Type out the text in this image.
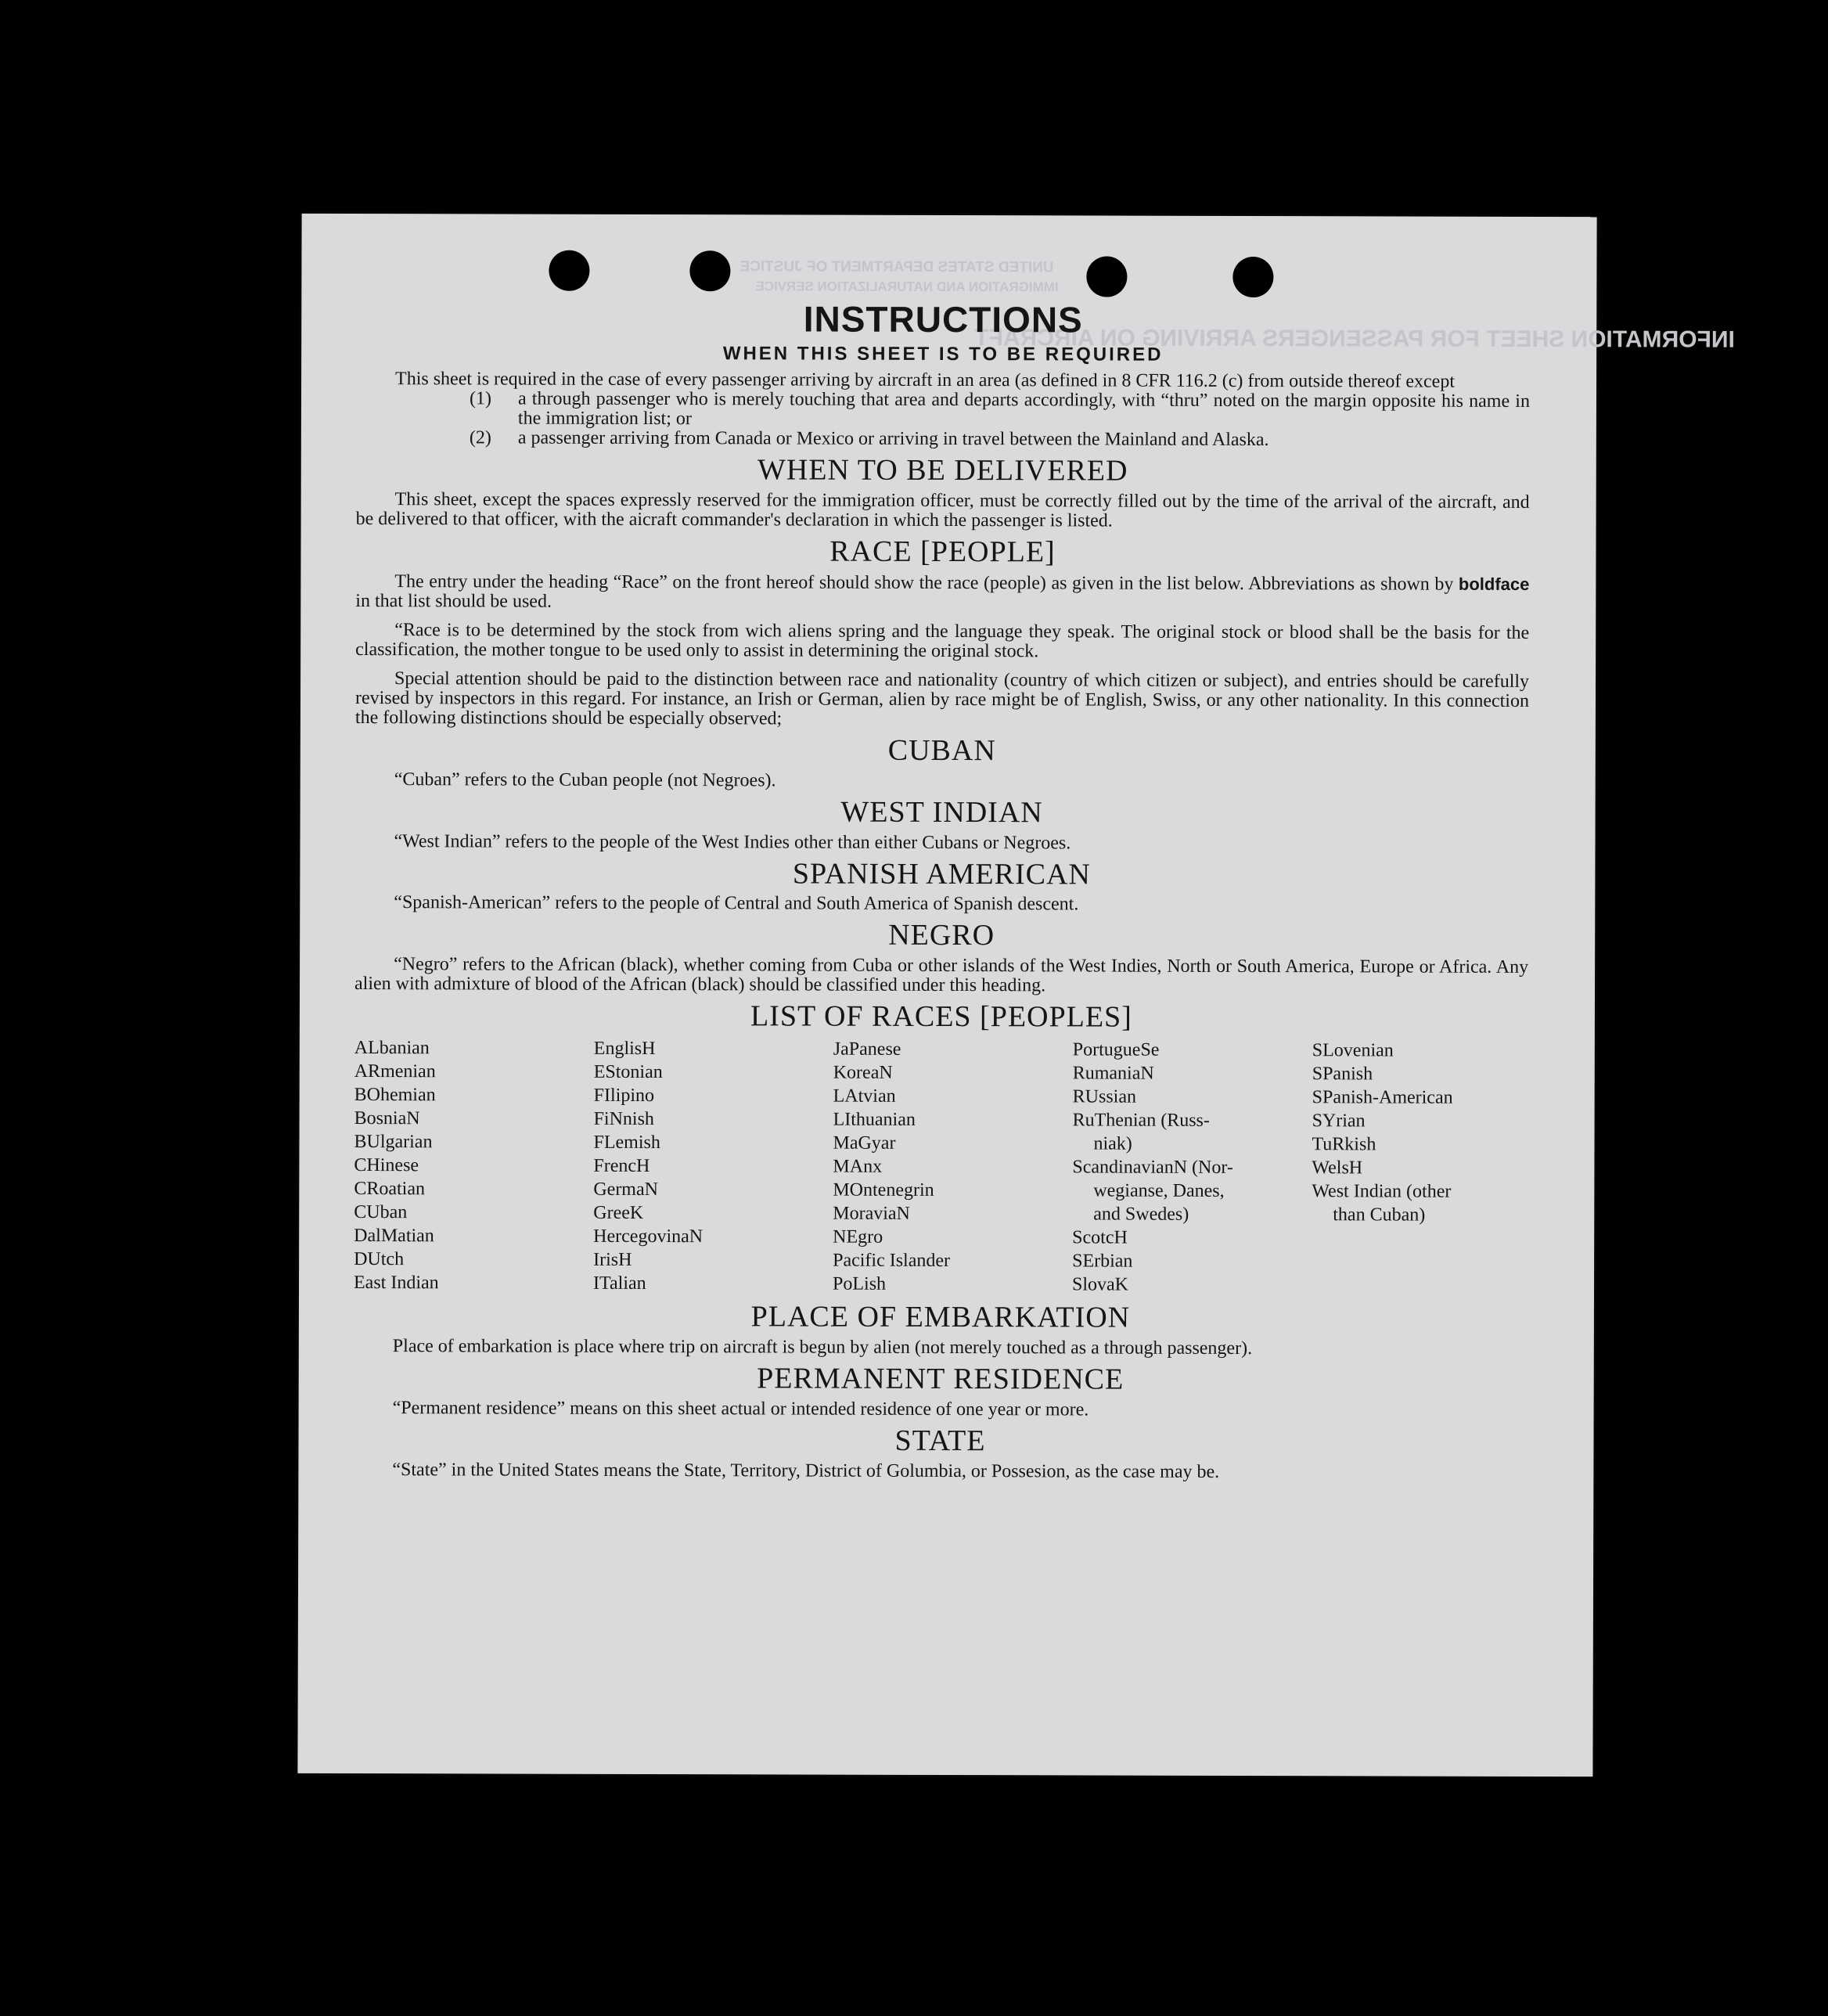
UNITED STATES DEPARTMENT OF JUSTICE
IMMIGRATION AND NATURALIZATION SERVICE
INFORMATION SHEET FOR PASSENGERS ARRIVING ON AIRCRAFT
INSTRUCTIONS
WHEN THIS SHEET IS TO BE REQUIRED

This sheet is required in the case of every passenger arriving by aircraft in an area (as defined in 8 CFR 116.2 (c) from outside thereof except

(1) a through passenger who is merely touching that area and departs accordingly, with “thru” noted on the margin opposite his name in the immigration list; or
(2) a passenger arriving from Canada or Mexico or arriving in travel between the Mainland and Alaska.
WHEN TO BE DELIVERED

This sheet, except the spaces expressly reserved for the immigration officer, must be correctly filled out by the time of the arrival of the aircraft, and be delivered to that officer, with the aicraft commander's declaration in which the passenger is listed.

RACE [PEOPLE]

The entry under the heading “Race” on the front hereof should show the race (people) as given in the list below. Abbreviations as shown by boldface in that list should be used.

“Race is to be determined by the stock from wich aliens spring and the language they speak. The original stock or blood shall be the basis for the classification, the mother tongue to be used only to assist in determining the original stock.

Special attention should be paid to the distinction between race and nationality (country of which citizen or subject), and entries should be carefully revised by inspectors in this regard. For instance, an Irish or German, alien by race might be of English, Swiss, or any other nationality. In this connection the following distinctions should be especially observed;

CUBAN

“Cuban” refers to the Cuban people (not Negroes).

WEST INDIAN

“West Indian” refers to the people of the West Indies other than either Cubans or Negroes.

SPANISH AMERICAN

“Spanish-American” refers to the people of Central and South America of Spanish descent.

NEGRO

“Negro” refers to the African (black), whether coming from Cuba or other islands of the West Indies, North or South America, Europe or Africa. Any alien with admixture of blood of the African (black) should be classified under this heading.

LIST OF RACES [PEOPLES]
ALbanian
ARmenian
BOhemian
BosniaN
BUlgarian
CHinese
CRoatian
CUban
DalMatian
DUtch
East Indian
EnglisH
EStonian
FIlipino
FiNnish
FLemish
FrencH
GermaN
GreeK
HercegovinaN
IrisH
ITalian
JaPanese
KoreaN
LAtvian
LIthuanian
MaGyar
MAnx
MOntenegrin
MoraviaN
NEgro
Pacific Islander
PoLish
PortugueSe
RumaniaN
RUssian
RuThenian (Russ-
niak)
ScandinavianN (Nor-
wegianse, Danes,
and Swedes)
ScotcH
SErbian
SlovaK
SLovenian
SPanish
SPanish-American
SYrian
TuRkish
WelsH
West Indian (other
than Cuban)
PLACE OF EMBARKATION

Place of embarkation is place where trip on aircraft is begun by alien (not merely touched as a through passenger).

PERMANENT RESIDENCE

“Permanent residence” means on this sheet actual or intended residence of one year or more.

STATE

“State” in the United States means the State, Territory, District of Golumbia, or Possesion, as the case may be.
